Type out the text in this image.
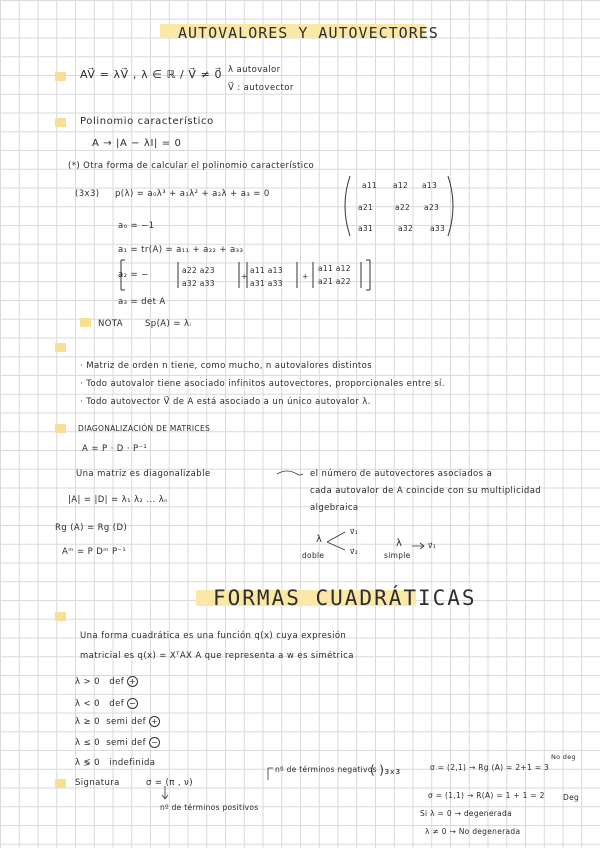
AUTOVALORES Y AUTOVECTORES
AV⃗ = λV⃗ , λ ∈ ℝ / V⃗ ≠ 0⃗ λ autovalor
V⃗ : autovector
Polinomio característico
A → |A − λI| = 0
(*) Otra forma de calcular el polinomio característico
(3x3) p(λ) = a₀λ³ + a₁λ² + a₂λ + a₃ = 0
a11 a12 a13
a21	a22 a23
a31	a32 a33
a₀ = −1
a₁ = tr(A) = a₁₁ + a₂₂ + a₃₃
a₂ = −	a22 a23
a32 a33
+
a11 a13
a31 a33
+
a11 a12
a21 a22
a₃ = det A
NOTA	Sp(A) = λᵢ
· Matriz de orden n tiene, como mucho, n autovalores distintos
· Todo autovalor tiene asociado infinitos autovectores, proporcionales entre sí.
· Todo autovector V⃗ de A está asociado a un único autovalor λ.
DIAGONALIZACIÓN DE MATRICES
A = P · D · P⁻¹
Una matriz es diagonalizable	el número de autovectores asociados a
cada autovalor de A coincide con su multiplicidad
algebraica
|A| = |D| = λ₁ λ₂ ... λₙ
Rg (A) = Rg (D)
Aᵐ = P Dᵐ P⁻¹
λ
doble
v⃗₁
v⃗₂
λ
simple
v⃗₁
FORMAS CUADRÁTICAS
Una forma cuadrática es una función q(x) cuya expresión
matricial es q(x) = XᵀAX A que representa a w es simétrica
λ > 0 def +
λ < 0 def −
λ ≥ 0 semi def +
λ ≤ 0 semi def −
λ ≶ 0 indefinida
Signatura	σ = (π , ν)
nº de términos negativos
nº de términos positivos
( )₃ₓ₃	σ = (2,1) → Rg (A) = 2+1 = 3
No deg
σ = (1,1) → R(A) = 1 + 1 = 2 Deg
Si λ = 0 → degenerada
λ ≠ 0 → No degenerada
